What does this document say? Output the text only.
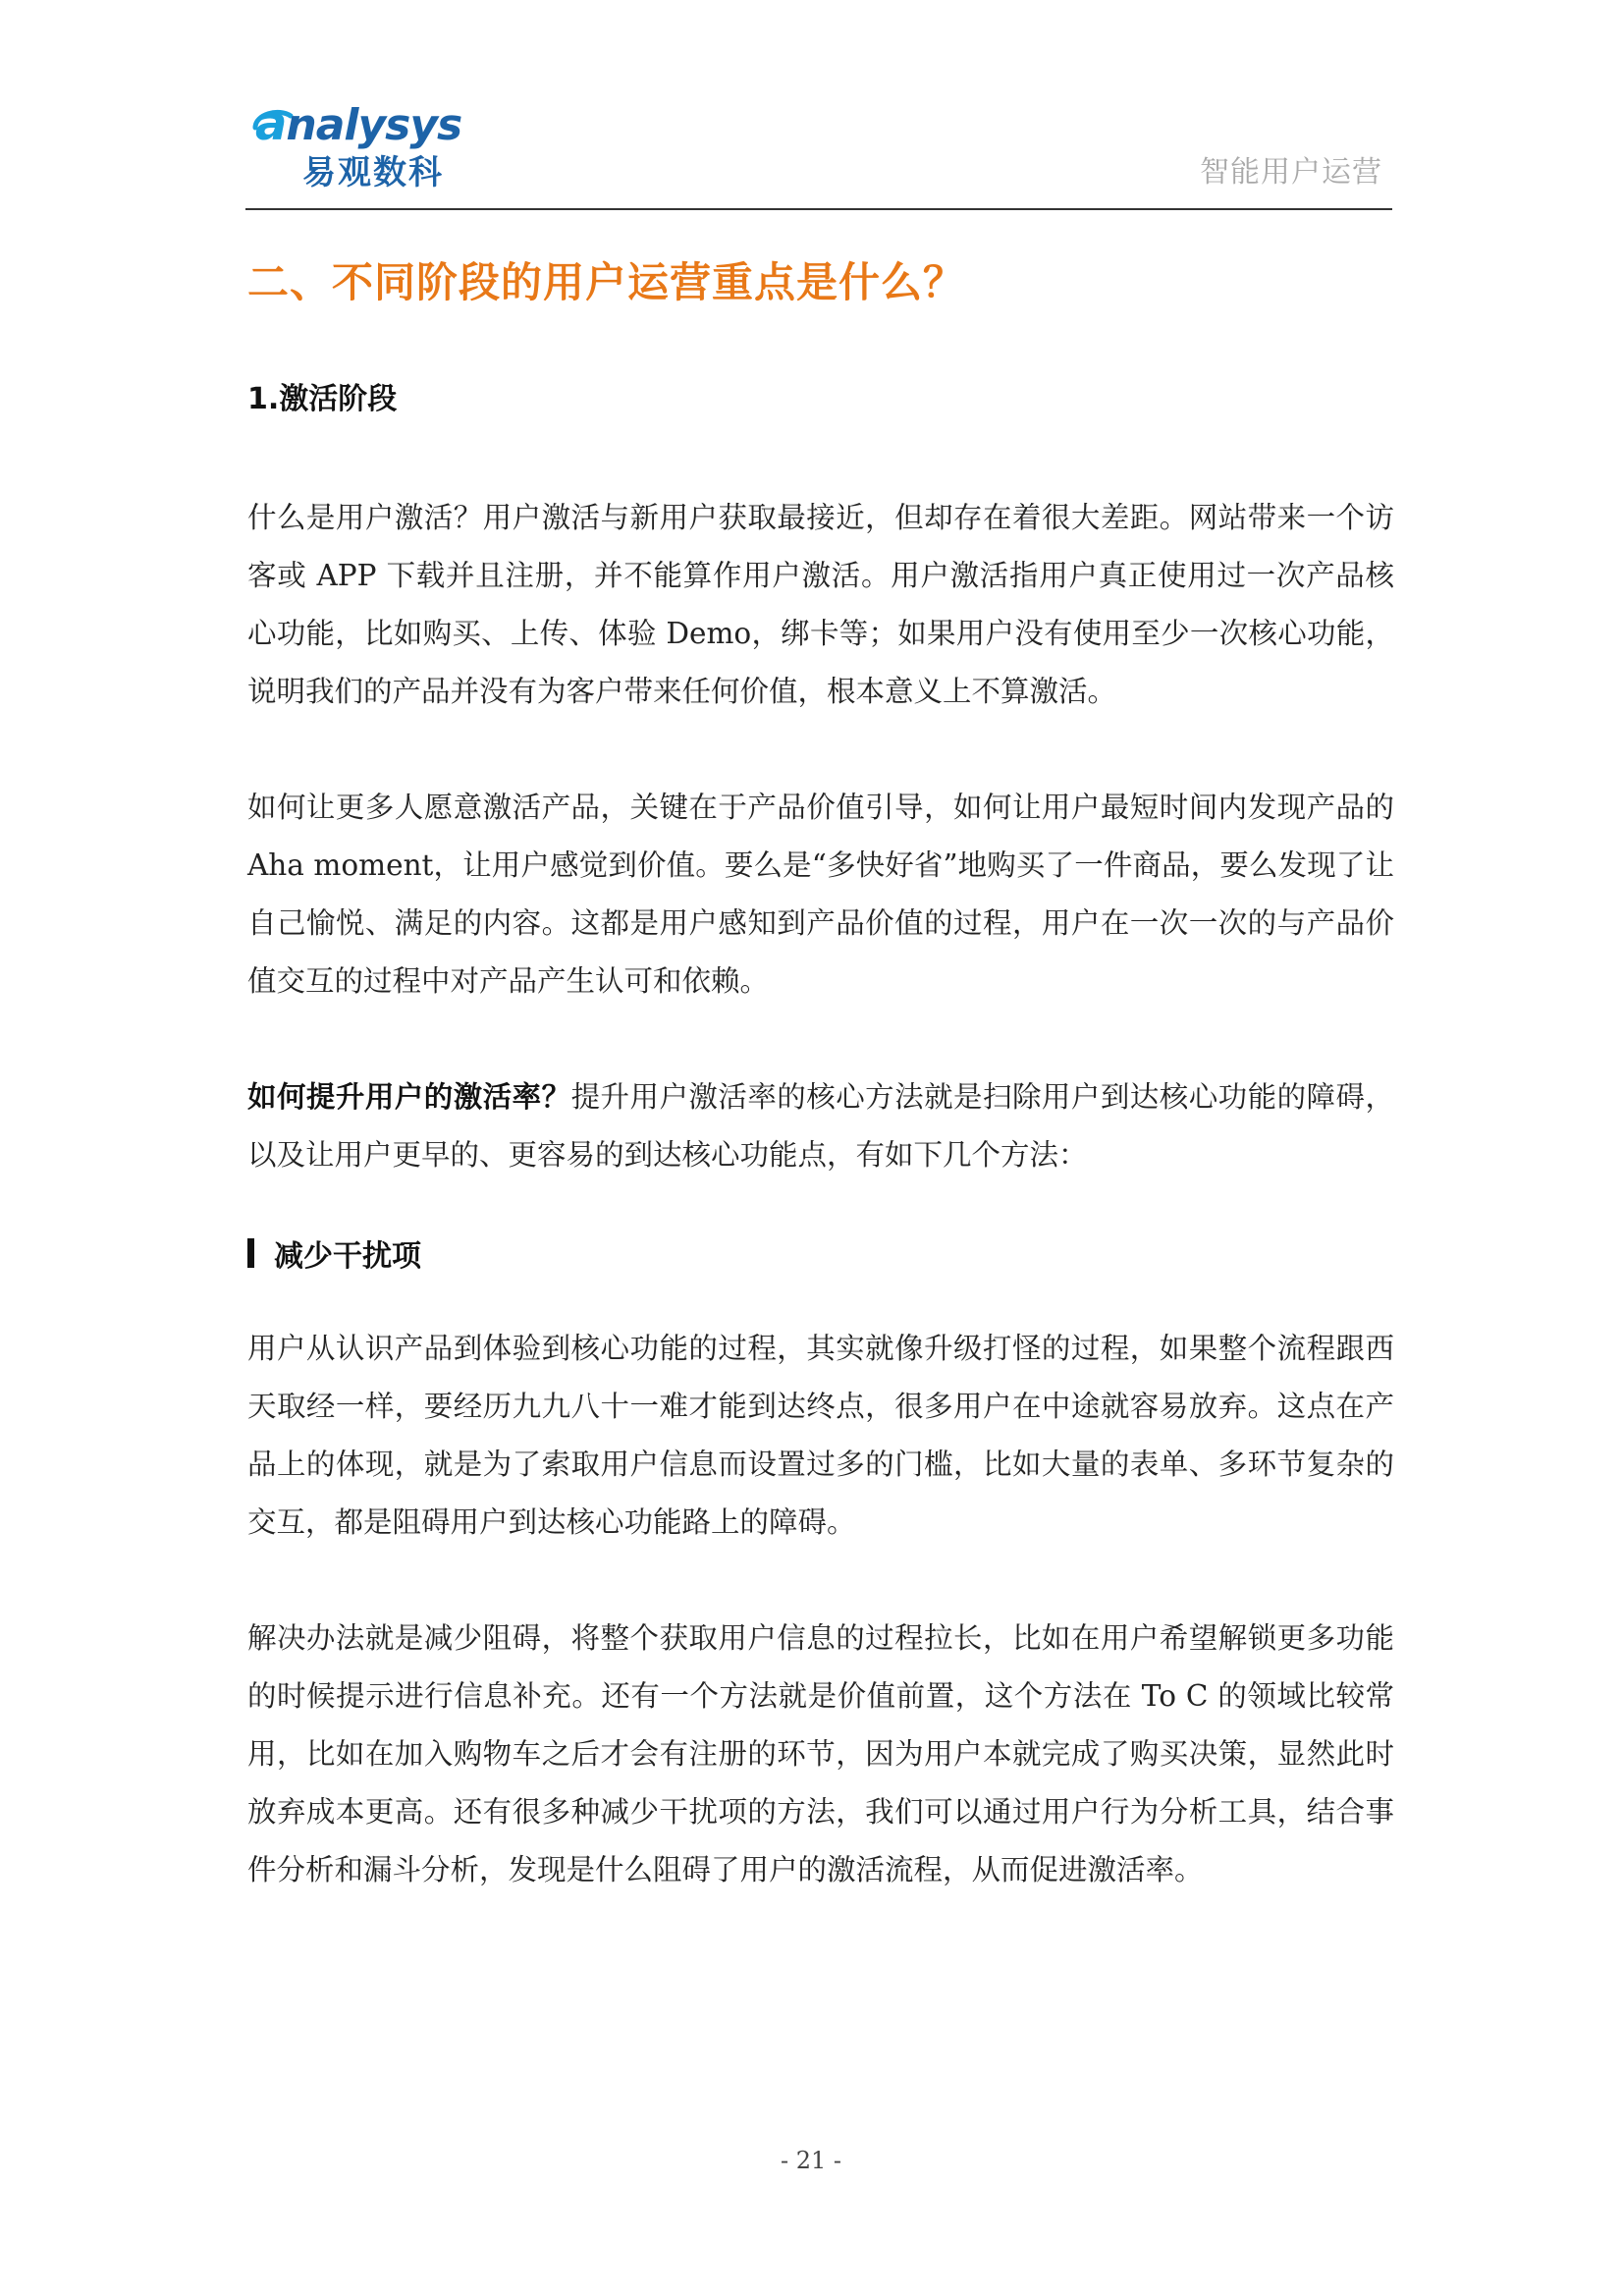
analysys
易观数科	智能用户运营
二、不同阶段的用户运营重点是什么？
1.激活阶段

什么是用户激活？用户激活与新用户获取最接近，但却存在着很大差距。网站带来一个访客或 APP 下载并且注册，并不能算作用户激活。用户激活指用户真正使用过一次产品核心功能，比如购买、上传、体验 Demo，绑卡等；如果用户没有使用至少一次核心功能，说明我们的产品并没有为客户带来任何价值，根本意义上不算激活。

如何让更多人愿意激活产品，关键在于产品价值引导，如何让用户最短时间内发现产品的 Aha moment，让用户感觉到价值。要么是“多快好省”地购买了一件商品，要么发现了让自己愉悦、满足的内容。这都是用户感知到产品价值的过程，用户在一次一次的与产品价值交互的过程中对产品产生认可和依赖。

如何提升用户的激活率？提升用户激活率的核心方法就是扫除用户到达核心功能的障碍，以及让用户更早的、更容易的到达核心功能点，有如下几个方法：

减少干扰项

用户从认识产品到体验到核心功能的过程，其实就像升级打怪的过程，如果整个流程跟西天取经一样，要经历九九八十一难才能到达终点，很多用户在中途就容易放弃。这点在产品上的体现，就是为了索取用户信息而设置过多的门槛，比如大量的表单、多环节复杂的交互，都是阻碍用户到达核心功能路上的障碍。

解决办法就是减少阻碍，将整个获取用户信息的过程拉长，比如在用户希望解锁更多功能的时候提示进行信息补充。还有一个方法就是价值前置，这个方法在 To C 的领域比较常用，比如在加入购物车之后才会有注册的环节，因为用户本就完成了购买决策，显然此时放弃成本更高。还有很多种减少干扰项的方法，我们可以通过用户行为分析工具，结合事件分析和漏斗分析，发现是什么阻碍了用户的激活流程，从而促进激活率。

- 21 -
